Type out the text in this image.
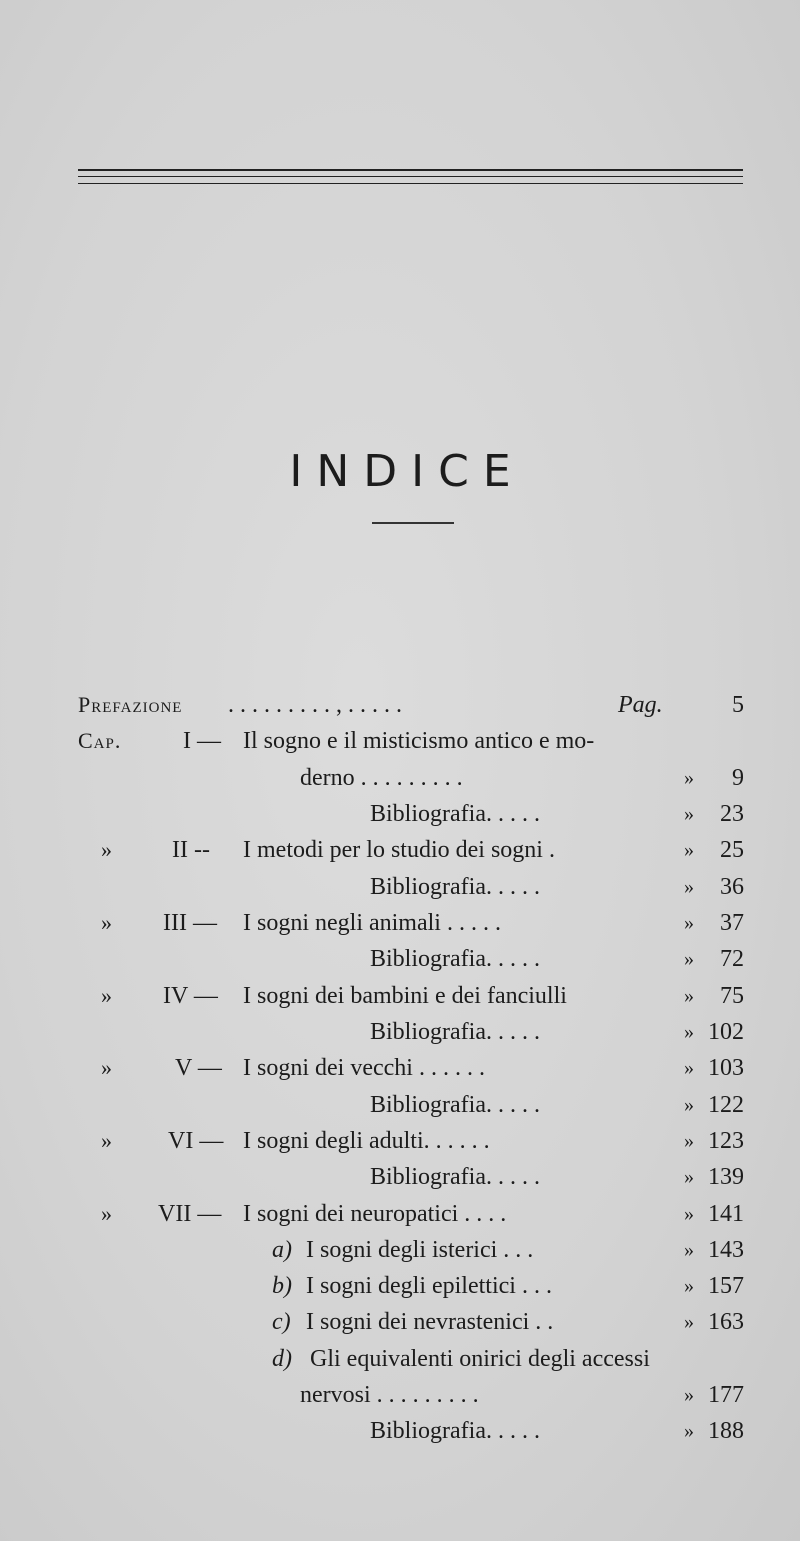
INDICE
Prefazione . . . . . . . . . , . . . . .	Pag.	5
Cap.	I — Il sogno e il misticismo antico e mo-
derno . . . . . . . . .	» 9
Bibliografia. . . . .	» 23
»	II -- I metodi per lo studio dei sogni .	» 25
Bibliografia. . . . .	» 36
» III — I sogni negli animali . . . . .	» 37
Bibliografia. . . . .	» 72
» IV — I sogni dei bambini e dei fanciulli	» 75
Bibliografia. . . . .	» 102
»	V — I sogni dei vecchi . . . . . .	» 103
Bibliografia. . . . .	» 122
» VI — I sogni degli adulti. . . . . .	» 123
Bibliografia. . . . .	» 139
» VII — I sogni dei neuropatici . . . .	» 141
a) I sogni degli isterici . . .	» 143
b) I sogni degli epilettici . . .	» 157
c) I sogni dei nevrastenici . .	» 163
d) Gli equivalenti onirici degli accessi
nervosi . . . . . . . . .	» 177
Bibliografia. . . . .	» 188
